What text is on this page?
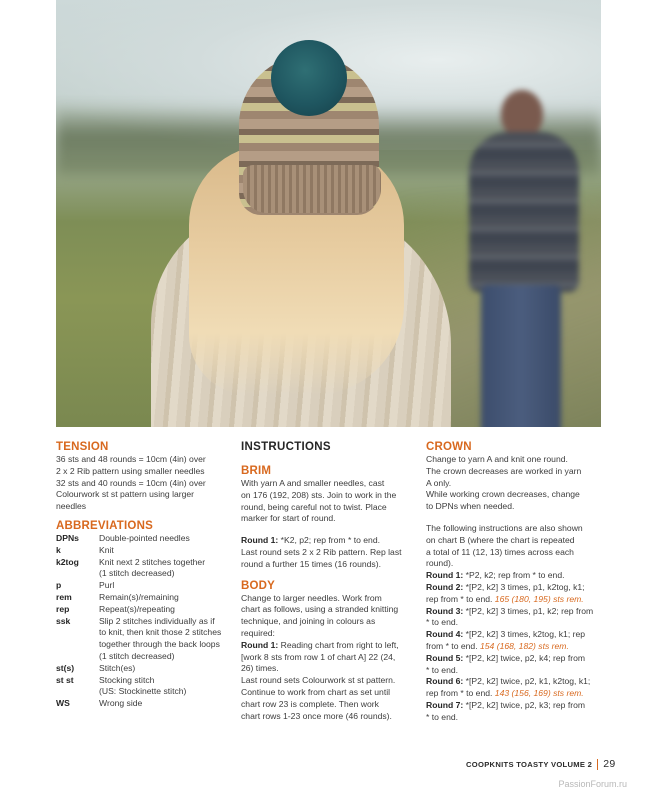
TENSION

36 sts and 48 rounds = 10cm (4in) over

2 x 2 Rib pattern using smaller needles

32 sts and 40 rounds = 10cm (4in) over

Colourwork st st pattern using larger

needles

ABBREVIATIONS

DPNs	Double-pointed needles
k	Knit
k2tog	Knit next 2 stitches together
(1 stitch decreased)
p	Purl
rem	Remain(s)/remaining
rep	Repeat(s)/repeating
ssk	Slip 2 stitches individually as if
to knit, then knit those 2 stitches
together through the back loops
(1 stitch decreased)
st(s)	Stitch(es)
st st	Stocking stitch
(US: Stockinette stitch)
WS	Wrong side

INSTRUCTIONS

BRIM

With yarn A and smaller needles, cast

on 176 (192, 208) sts. Join to work in the

round, being careful not to twist. Place

marker for start of round.

Round 1: *K2, p2; rep from * to end.

Last round sets 2 x 2 Rib pattern. Rep last

round a further 15 times (16 rounds).

BODY

Change to larger needles. Work from

chart as follows, using a stranded knitting

technique, and joining in colours as

required:

Round 1: Reading chart from right to left,

[work 8 sts from row 1 of chart A] 22 (24,

26) times.

Last round sets Colourwork st st pattern.

Continue to work from chart as set until

chart row 23 is complete. Then work

chart rows 1-23 once more (46 rounds).

CROWN

Change to yarn A and knit one round.

The crown decreases are worked in yarn

A only.

While working crown decreases, change

to DPNs when needed.

The following instructions are also shown

on chart B (where the chart is repeated

a total of 11 (12, 13) times across each

round).

Round 1: *P2, k2; rep from * to end.

Round 2: *[P2, k2] 3 times, p1, k2tog, k1;

rep from * to end. 165 (180, 195) sts rem.

Round 3: *[P2, k2] 3 times, p1, k2; rep from

* to end.

Round 4: *[P2, k2] 3 times, k2tog, k1; rep

from * to end. 154 (168, 182) sts rem.

Round 5: *[P2, k2] twice, p2, k4; rep from

* to end.

Round 6: *[P2, k2] twice, p2, k1, k2tog, k1;

rep from * to end. 143 (156, 169) sts rem.

Round 7: *[P2, k2] twice, p2, k3; rep from

* to end.

COOPKNITS TOASTY VOLUME 2 29
PassionForum.ru
